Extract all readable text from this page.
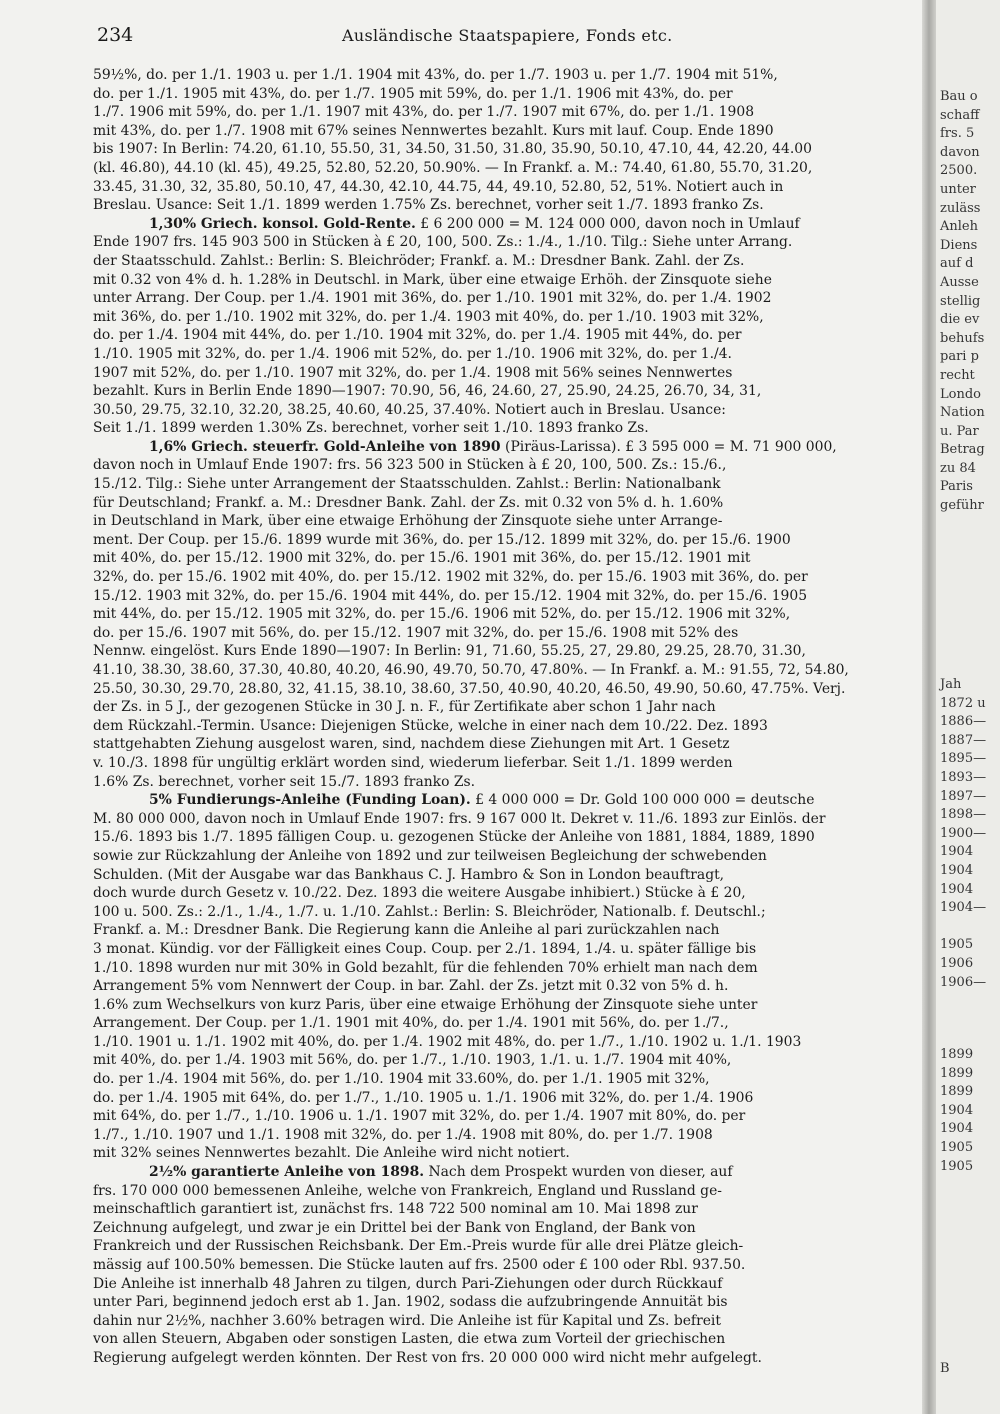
234	Ausländische Staatspapiere, Fonds etc.

59½%, do. per 1./1. 1903 u. per 1./1. 1904 mit 43%, do. per 1./7. 1903 u. per 1./7. 1904 mit 51%,
do. per 1./1. 1905 mit 43%, do. per 1./7. 1905 mit 59%, do. per 1./1. 1906 mit 43%, do. per
1./7. 1906 mit 59%, do. per 1./1. 1907 mit 43%, do. per 1./7. 1907 mit 67%, do. per 1./1. 1908
mit 43%, do. per 1./7. 1908 mit 67% seines Nennwertes bezahlt. Kurs mit lauf. Coup. Ende 1890
bis 1907: In Berlin: 74.20, 61.10, 55.50, 31, 34.50, 31.50, 31.80, 35.90, 50.10, 47.10, 44, 42.20, 44.00
(kl. 46.80), 44.10 (kl. 45), 49.25, 52.80, 52.20, 50.90%. — In Frankf. a. M.: 74.40, 61.80, 55.70, 31.20,
33.45, 31.30, 32, 35.80, 50.10, 47, 44.30, 42.10, 44.75, 44, 49.10, 52.80, 52, 51%. Notiert auch in
Breslau. Usance: Seit 1./1. 1899 werden 1.75% Zs. berechnet, vorher seit 1./7. 1893 franko Zs.

1,30% Griech. konsol. Gold-Rente. £ 6 200 000 = M. 124 000 000, davon noch in Umlauf
Ende 1907 frs. 145 903 500 in Stücken à £ 20, 100, 500. Zs.: 1./4., 1./10. Tilg.: Siehe unter Arrang.
der Staatsschuld. Zahlst.: Berlin: S. Bleichröder; Frankf. a. M.: Dresdner Bank. Zahl. der Zs.
mit 0.32 von 4% d. h. 1.28% in Deutschl. in Mark, über eine etwaige Erhöh. der Zinsquote siehe
unter Arrang. Der Coup. per 1./4. 1901 mit 36%, do. per 1./10. 1901 mit 32%, do. per 1./4. 1902
mit 36%, do. per 1./10. 1902 mit 32%, do. per 1./4. 1903 mit 40%, do. per 1./10. 1903 mit 32%,
do. per 1./4. 1904 mit 44%, do. per 1./10. 1904 mit 32%, do. per 1./4. 1905 mit 44%, do. per
1./10. 1905 mit 32%, do. per 1./4. 1906 mit 52%, do. per 1./10. 1906 mit 32%, do. per 1./4.
1907 mit 52%, do. per 1./10. 1907 mit 32%, do. per 1./4. 1908 mit 56% seines Nennwertes
bezahlt. Kurs in Berlin Ende 1890—1907: 70.90, 56, 46, 24.60, 27, 25.90, 24.25, 26.70, 34, 31,
30.50, 29.75, 32.10, 32.20, 38.25, 40.60, 40.25, 37.40%. Notiert auch in Breslau. Usance:
Seit 1./1. 1899 werden 1.30% Zs. berechnet, vorher seit 1./10. 1893 franko Zs.

1,6% Griech. steuerfr. Gold-Anleihe von 1890 (Piräus-Larissa). £ 3 595 000 = M. 71 900 000,
davon noch in Umlauf Ende 1907: frs. 56 323 500 in Stücken à £ 20, 100, 500. Zs.: 15./6.,
15./12. Tilg.: Siehe unter Arrangement der Staatsschulden. Zahlst.: Berlin: Nationalbank
für Deutschland; Frankf. a. M.: Dresdner Bank. Zahl. der Zs. mit 0.32 von 5% d. h. 1.60%
in Deutschland in Mark, über eine etwaige Erhöhung der Zinsquote siehe unter Arrange-
ment. Der Coup. per 15./6. 1899 wurde mit 36%, do. per 15./12. 1899 mit 32%, do. per 15./6. 1900
mit 40%, do. per 15./12. 1900 mit 32%, do. per 15./6. 1901 mit 36%, do. per 15./12. 1901 mit
32%, do. per 15./6. 1902 mit 40%, do. per 15./12. 1902 mit 32%, do. per 15./6. 1903 mit 36%, do. per
15./12. 1903 mit 32%, do. per 15./6. 1904 mit 44%, do. per 15./12. 1904 mit 32%, do. per 15./6. 1905
mit 44%, do. per 15./12. 1905 mit 32%, do. per 15./6. 1906 mit 52%, do. per 15./12. 1906 mit 32%,
do. per 15./6. 1907 mit 56%, do. per 15./12. 1907 mit 32%, do. per 15./6. 1908 mit 52% des
Nennw. eingelöst. Kurs Ende 1890—1907: In Berlin: 91, 71.60, 55.25, 27, 29.80, 29.25, 28.70, 31.30,
41.10, 38.30, 38.60, 37.30, 40.80, 40.20, 46.90, 49.70, 50.70, 47.80%. — In Frankf. a. M.: 91.55, 72, 54.80,
25.50, 30.30, 29.70, 28.80, 32, 41.15, 38.10, 38.60, 37.50, 40.90, 40.20, 46.50, 49.90, 50.60, 47.75%. Verj.
der Zs. in 5 J., der gezogenen Stücke in 30 J. n. F., für Zertifikate aber schon 1 Jahr nach
dem Rückzahl.-Termin. Usance: Diejenigen Stücke, welche in einer nach dem 10./22. Dez. 1893
stattgehabten Ziehung ausgelost waren, sind, nachdem diese Ziehungen mit Art. 1 Gesetz
v. 10./3. 1898 für ungültig erklärt worden sind, wiederum lieferbar. Seit 1./1. 1899 werden
1.6% Zs. berechnet, vorher seit 15./7. 1893 franko Zs.

5% Fundierungs-Anleihe (Funding Loan). £ 4 000 000 = Dr. Gold 100 000 000 = deutsche
M. 80 000 000, davon noch in Umlauf Ende 1907: frs. 9 167 000 lt. Dekret v. 11./6. 1893 zur Einlös. der
15./6. 1893 bis 1./7. 1895 fälligen Coup. u. gezogenen Stücke der Anleihe von 1881, 1884, 1889, 1890
sowie zur Rückzahlung der Anleihe von 1892 und zur teilweisen Begleichung der schwebenden
Schulden. (Mit der Ausgabe war das Bankhaus C. J. Hambro & Son in London beauftragt,
doch wurde durch Gesetz v. 10./22. Dez. 1893 die weitere Ausgabe inhibiert.) Stücke à £ 20,
100 u. 500. Zs.: 2./1., 1./4., 1./7. u. 1./10. Zahlst.: Berlin: S. Bleichröder, Nationalb. f. Deutschl.;
Frankf. a. M.: Dresdner Bank. Die Regierung kann die Anleihe al pari zurückzahlen nach
3 monat. Kündig. vor der Fälligkeit eines Coup. Coup. per 2./1. 1894, 1./4. u. später fällige bis
1./10. 1898 wurden nur mit 30% in Gold bezahlt, für die fehlenden 70% erhielt man nach dem
Arrangement 5% vom Nennwert der Coup. in bar. Zahl. der Zs. jetzt mit 0.32 von 5% d. h.
1.6% zum Wechselkurs von kurz Paris, über eine etwaige Erhöhung der Zinsquote siehe unter
Arrangement. Der Coup. per 1./1. 1901 mit 40%, do. per 1./4. 1901 mit 56%, do. per 1./7.,
1./10. 1901 u. 1./1. 1902 mit 40%, do. per 1./4. 1902 mit 48%, do. per 1./7., 1./10. 1902 u. 1./1. 1903
mit 40%, do. per 1./4. 1903 mit 56%, do. per 1./7., 1./10. 1903, 1./1. u. 1./7. 1904 mit 40%,
do. per 1./4. 1904 mit 56%, do. per 1./10. 1904 mit 33.60%, do. per 1./1. 1905 mit 32%,
do. per 1./4. 1905 mit 64%, do. per 1./7., 1./10. 1905 u. 1./1. 1906 mit 32%, do. per 1./4. 1906
mit 64%, do. per 1./7., 1./10. 1906 u. 1./1. 1907 mit 32%, do. per 1./4. 1907 mit 80%, do. per
1./7., 1./10. 1907 und 1./1. 1908 mit 32%, do. per 1./4. 1908 mit 80%, do. per 1./7. 1908
mit 32% seines Nennwertes bezahlt. Die Anleihe wird nicht notiert.

2½% garantierte Anleihe von 1898. Nach dem Prospekt wurden von dieser, auf
frs. 170 000 000 bemessenen Anleihe, welche von Frankreich, England und Russland ge-
meinschaftlich garantiert ist, zunächst frs. 148 722 500 nominal am 10. Mai 1898 zur
Zeichnung aufgelegt, und zwar je ein Drittel bei der Bank von England, der Bank von
Frankreich und der Russischen Reichsbank. Der Em.-Preis wurde für alle drei Plätze gleich-
mässig auf 100.50% bemessen. Die Stücke lauten auf frs. 2500 oder £ 100 oder Rbl. 937.50.
Die Anleihe ist innerhalb 48 Jahren zu tilgen, durch Pari-Ziehungen oder durch Rückkauf
unter Pari, beginnend jedoch erst ab 1. Jan. 1902, sodass die aufzubringende Annuität bis
dahin nur 2½%, nachher 3.60% betragen wird. Die Anleihe ist für Kapital und Zs. befreit
von allen Steuern, Abgaben oder sonstigen Lasten, die etwa zum Vorteil der griechischen
Regierung aufgelegt werden könnten. Der Rest von frs. 20 000 000 wird nicht mehr aufgelegt.

Bau o
schaff
frs. 5
davon
2500.
unter
zuläss
Anleh
Diens
auf d
Ausse
stellig
die ev
behufs
pari p
recht
Londo
Nation
u. Par
Betrag
zu 84
Paris
geführ
Jah
1872 u
1886—
1887—
1895—
1893—
1897—
1898—
1900—
1904
1904
1904
1904—

1905
1906
1906—
1899
1899
1899
1904
1904
1905
1905
B
